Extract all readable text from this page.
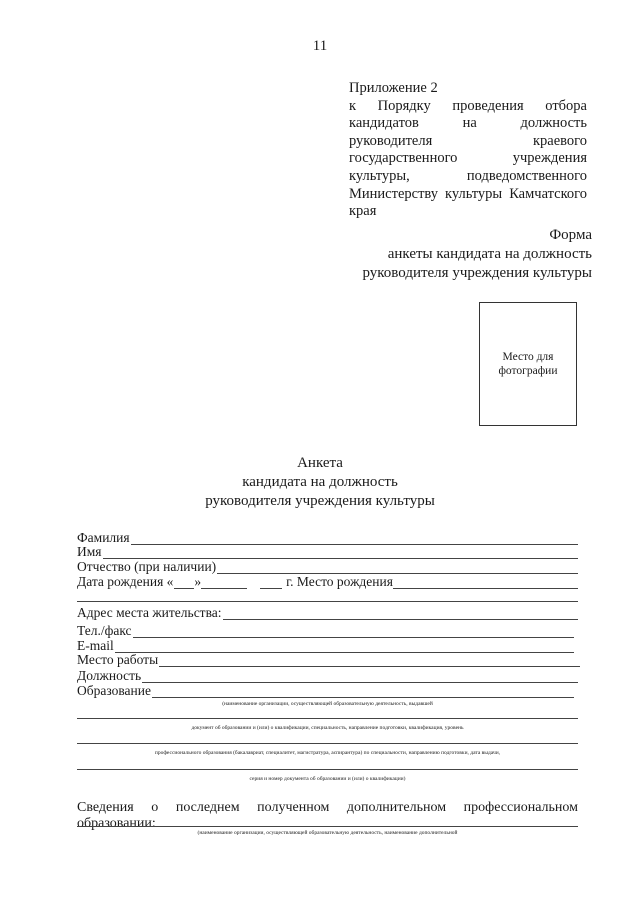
11

Приложение 2

к Порядку проведения отбора кандидатов на должность руководителя краевого государственного учреждения культуры, подведомственного Министерству культуры Камчатского края

Форма
анкеты кандидата на должность
руководителя учреждения культуры
Место для
фотографии
Анкета
кандидата на должность
руководителя учреждения культуры
Фамилия
Имя
Отчество (при наличии)
Дата рождения « »	г. Место рождения
Адрес места жительства:
Тел./факс
E-mail
Место работы
Должность
Образование
(наименование организации, осуществляющей образовательную деятельность, выдавшей
документ об образовании и (или) о квалификации, специальность, направление подготовки, квалификация, уровень
профессионального образования (бакалавриат, специалитет, магистратура, аспирантура) по специальности, направлению подготовки, дата выдачи,
серия и номер документа об образовании и (или) о квалификации)
Сведения о последнем полученном дополнительном профессиональном образовании:
(наименование организации, осуществляющей образовательную деятельность, наименование дополнительной
